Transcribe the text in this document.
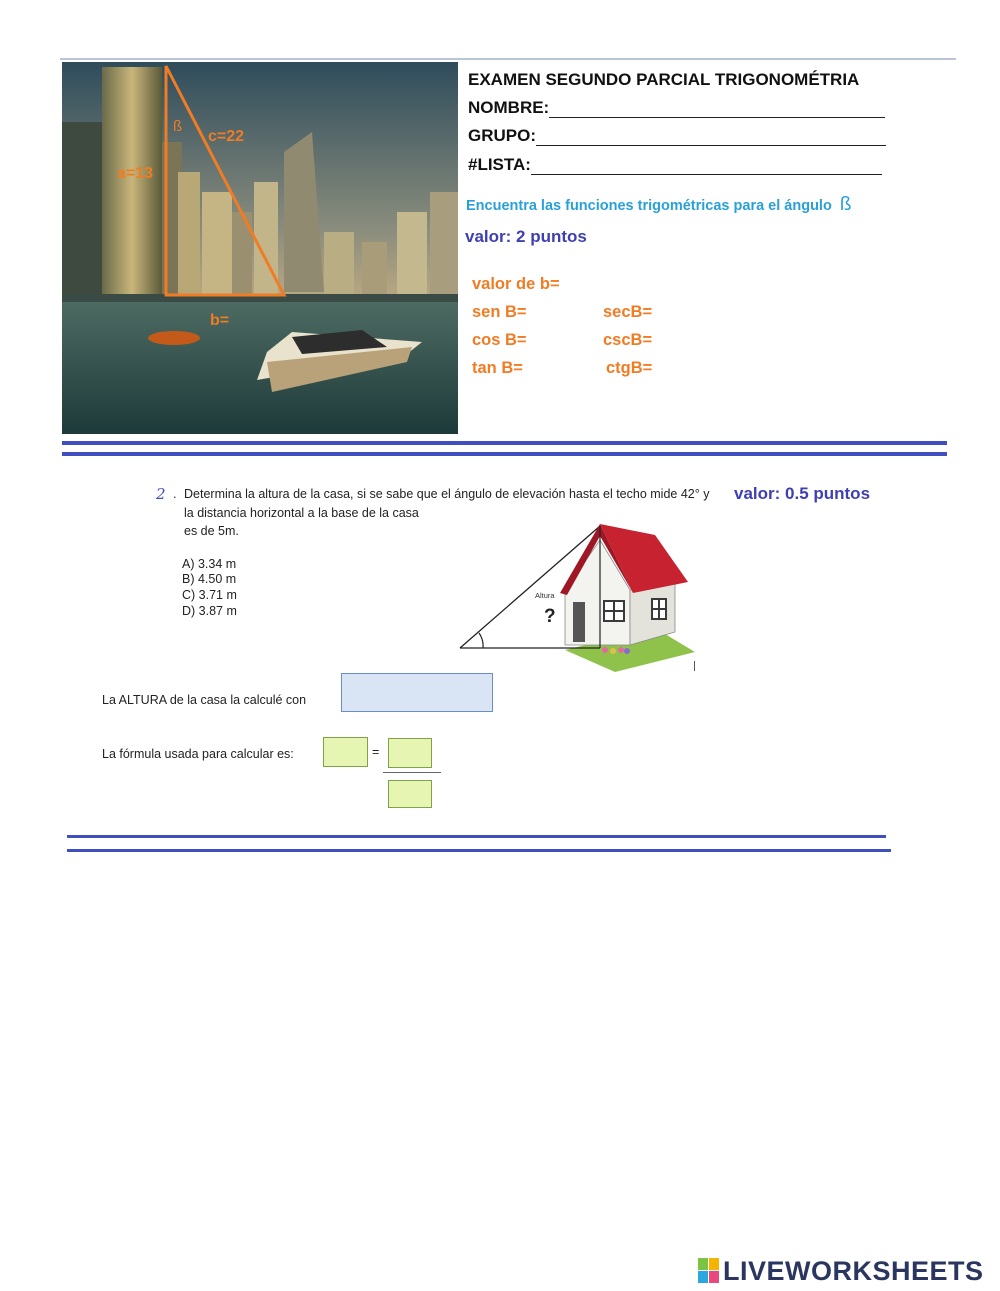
ß
c=22
a=13
b=
EXAMEN SEGUNDO PARCIAL TRIGONOMÉTRIA
NOMBRE:
GRUPO:
#LISTA:
Encuentra las funciones trigométricas para el ángulo ß
valor: 2 puntos
valor de b=
sen B=
cos B=
tan B=
secB=
cscB=
ctgB=
2 . Determina la altura de la casa, si se sabe que el ángulo de elevación hasta el techo mide 42° y
la distancia horizontal a la base de la casa
es de 5m.
valor: 0.5 puntos
A) 3.34 m
B) 4.50 m
C) 3.71 m
D) 3.87 m
Altura
?
La ALTURA de la casa la calculé con
La fórmula usada para calcular es:	=
LIVEWORKSHEETS
